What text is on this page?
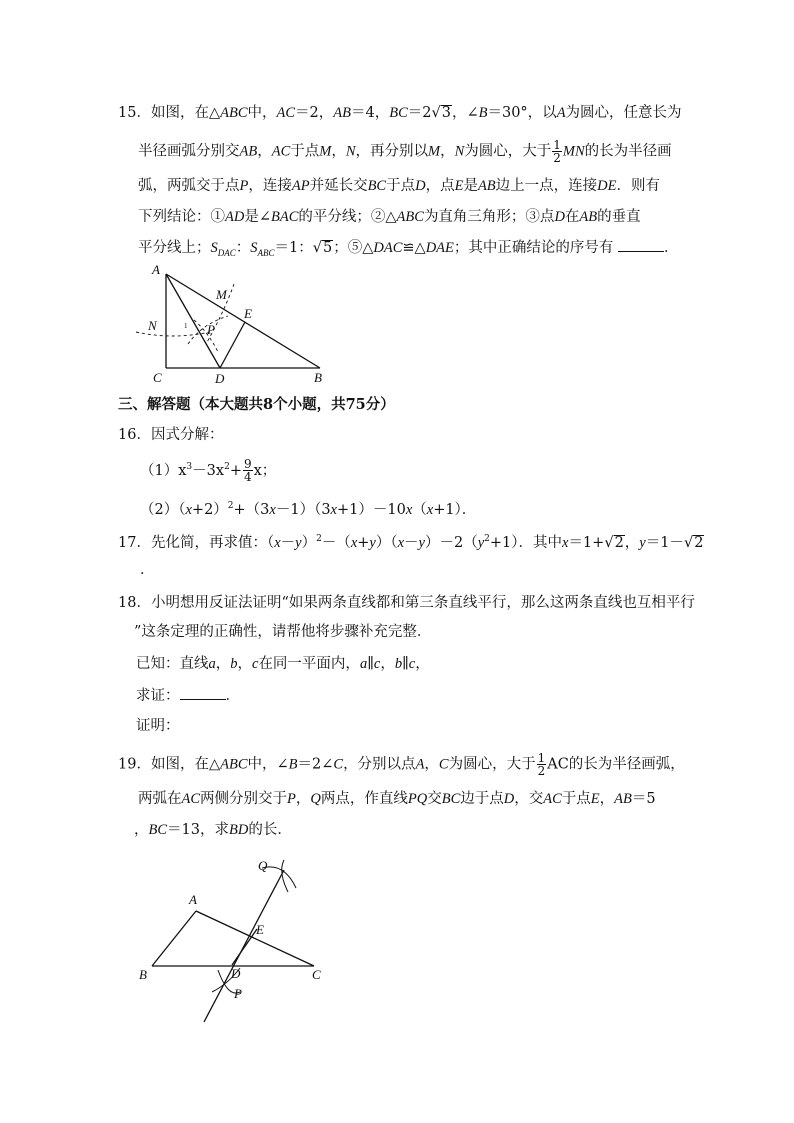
15．如图，在△ABC中，AC＝2，AB＝4，BC＝2√3，∠B＝30°，以A为圆心，任意长为
半径画弧分别交AB，AC于点M，N，再分别以M，N为圆心，大于 $\frac{1}{2}$ MN的长为半径画
弧，两弧交于点P，连接AP并延长交BC于点D，点E是AB边上一点，连接DE．则有
下列结论：①AD是∠BAC的平分线；②△ABC为直角三角形；③点D在AB的垂直
平分线上；$S_{DAC}$：$S_{ABC}=1$：√5；⑤△DAC≌△DAE；其中正确结论的序号有	．
A
M
E
N	P
C	D	B
1
三、解答题（本大题共8个小题，共75分）
16．因式分解：
$(1)x^3-3x^2+ \frac{9}{4}$ x；
$(2)(x+2)^2+(3x-1)(3x+1)-10x(x+1)$．
17．先化简，再求值：$(x-y)^2-(x+y)(x-y)-2(y^2+1)$．其中x＝1+√2，y＝1－√2
．
18．小明想用反证法证明“如果两条直线都和第三条直线平行，那么这两条直线也互相平行
”这条定理的正确性，请帮他将步骤补充完整．
已知：直线a，b，c在同一平面内，a∥c，b∥c，
求证：	．
证明：
19．如图，在△ABC中，∠B＝2∠C，分别以点A，C为圆心，大于 $\frac{1}{2}$ AC的长为半径画弧，
两弧在AC两侧分别交于P，Q两点，作直线PQ交BC边于点D，交AC于点E，AB＝5
，BC＝13，求BD的长．
Q
A
E
B	D	C
P
